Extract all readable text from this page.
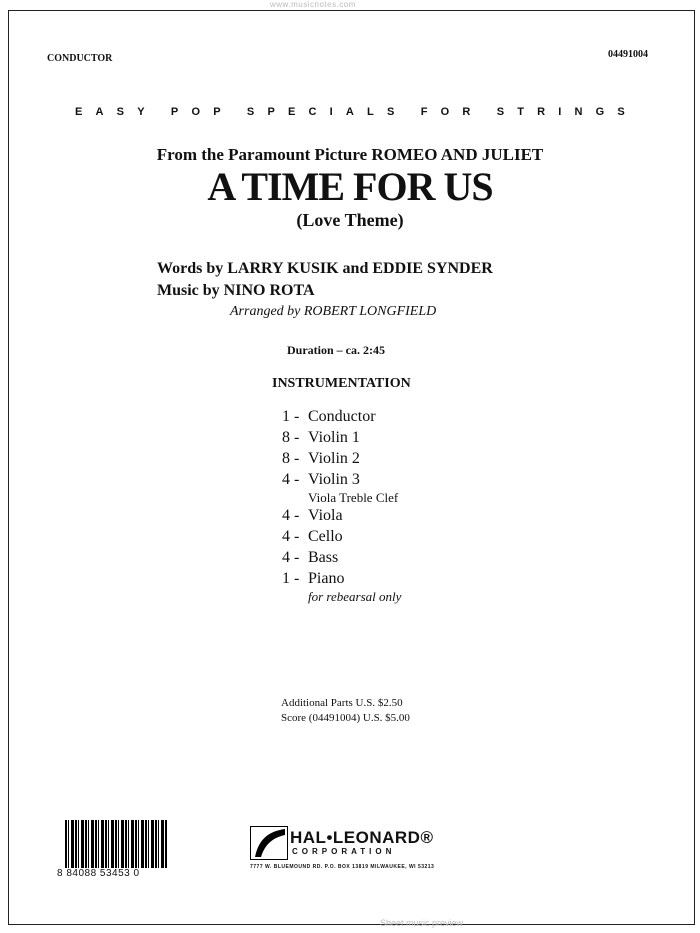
www.musicnotes.com
CONDUCTOR	04491004
E A S Y P O P S P E C I A L S F O R S T R I N G S
From the Paramount Picture ROMEO AND JULIET
A TIME FOR US
(Love Theme)
Words by LARRY KUSIK and EDDIE SYNDER
Music by NINO ROTA
Arranged by ROBERT LONGFIELD
Duration – ca. 2:45
INSTRUMENTATION
1 - Conductor
8 - Violin 1
8 - Violin 2
4 - Violin 3
Viola Treble Clef
4 - Viola
4 - Cello
4 - Bass
1 - Piano
for rebearsal only
Additional Parts U.S. $2.50
Score (04491004) U.S. $5.00
8 84088 53453 0
HAL•LEONARD®
CORPORATION
7777 W. BLUEMOUND RD. P.O. BOX 13819 MILWAUKEE, WI 53213
Sheet music preview
